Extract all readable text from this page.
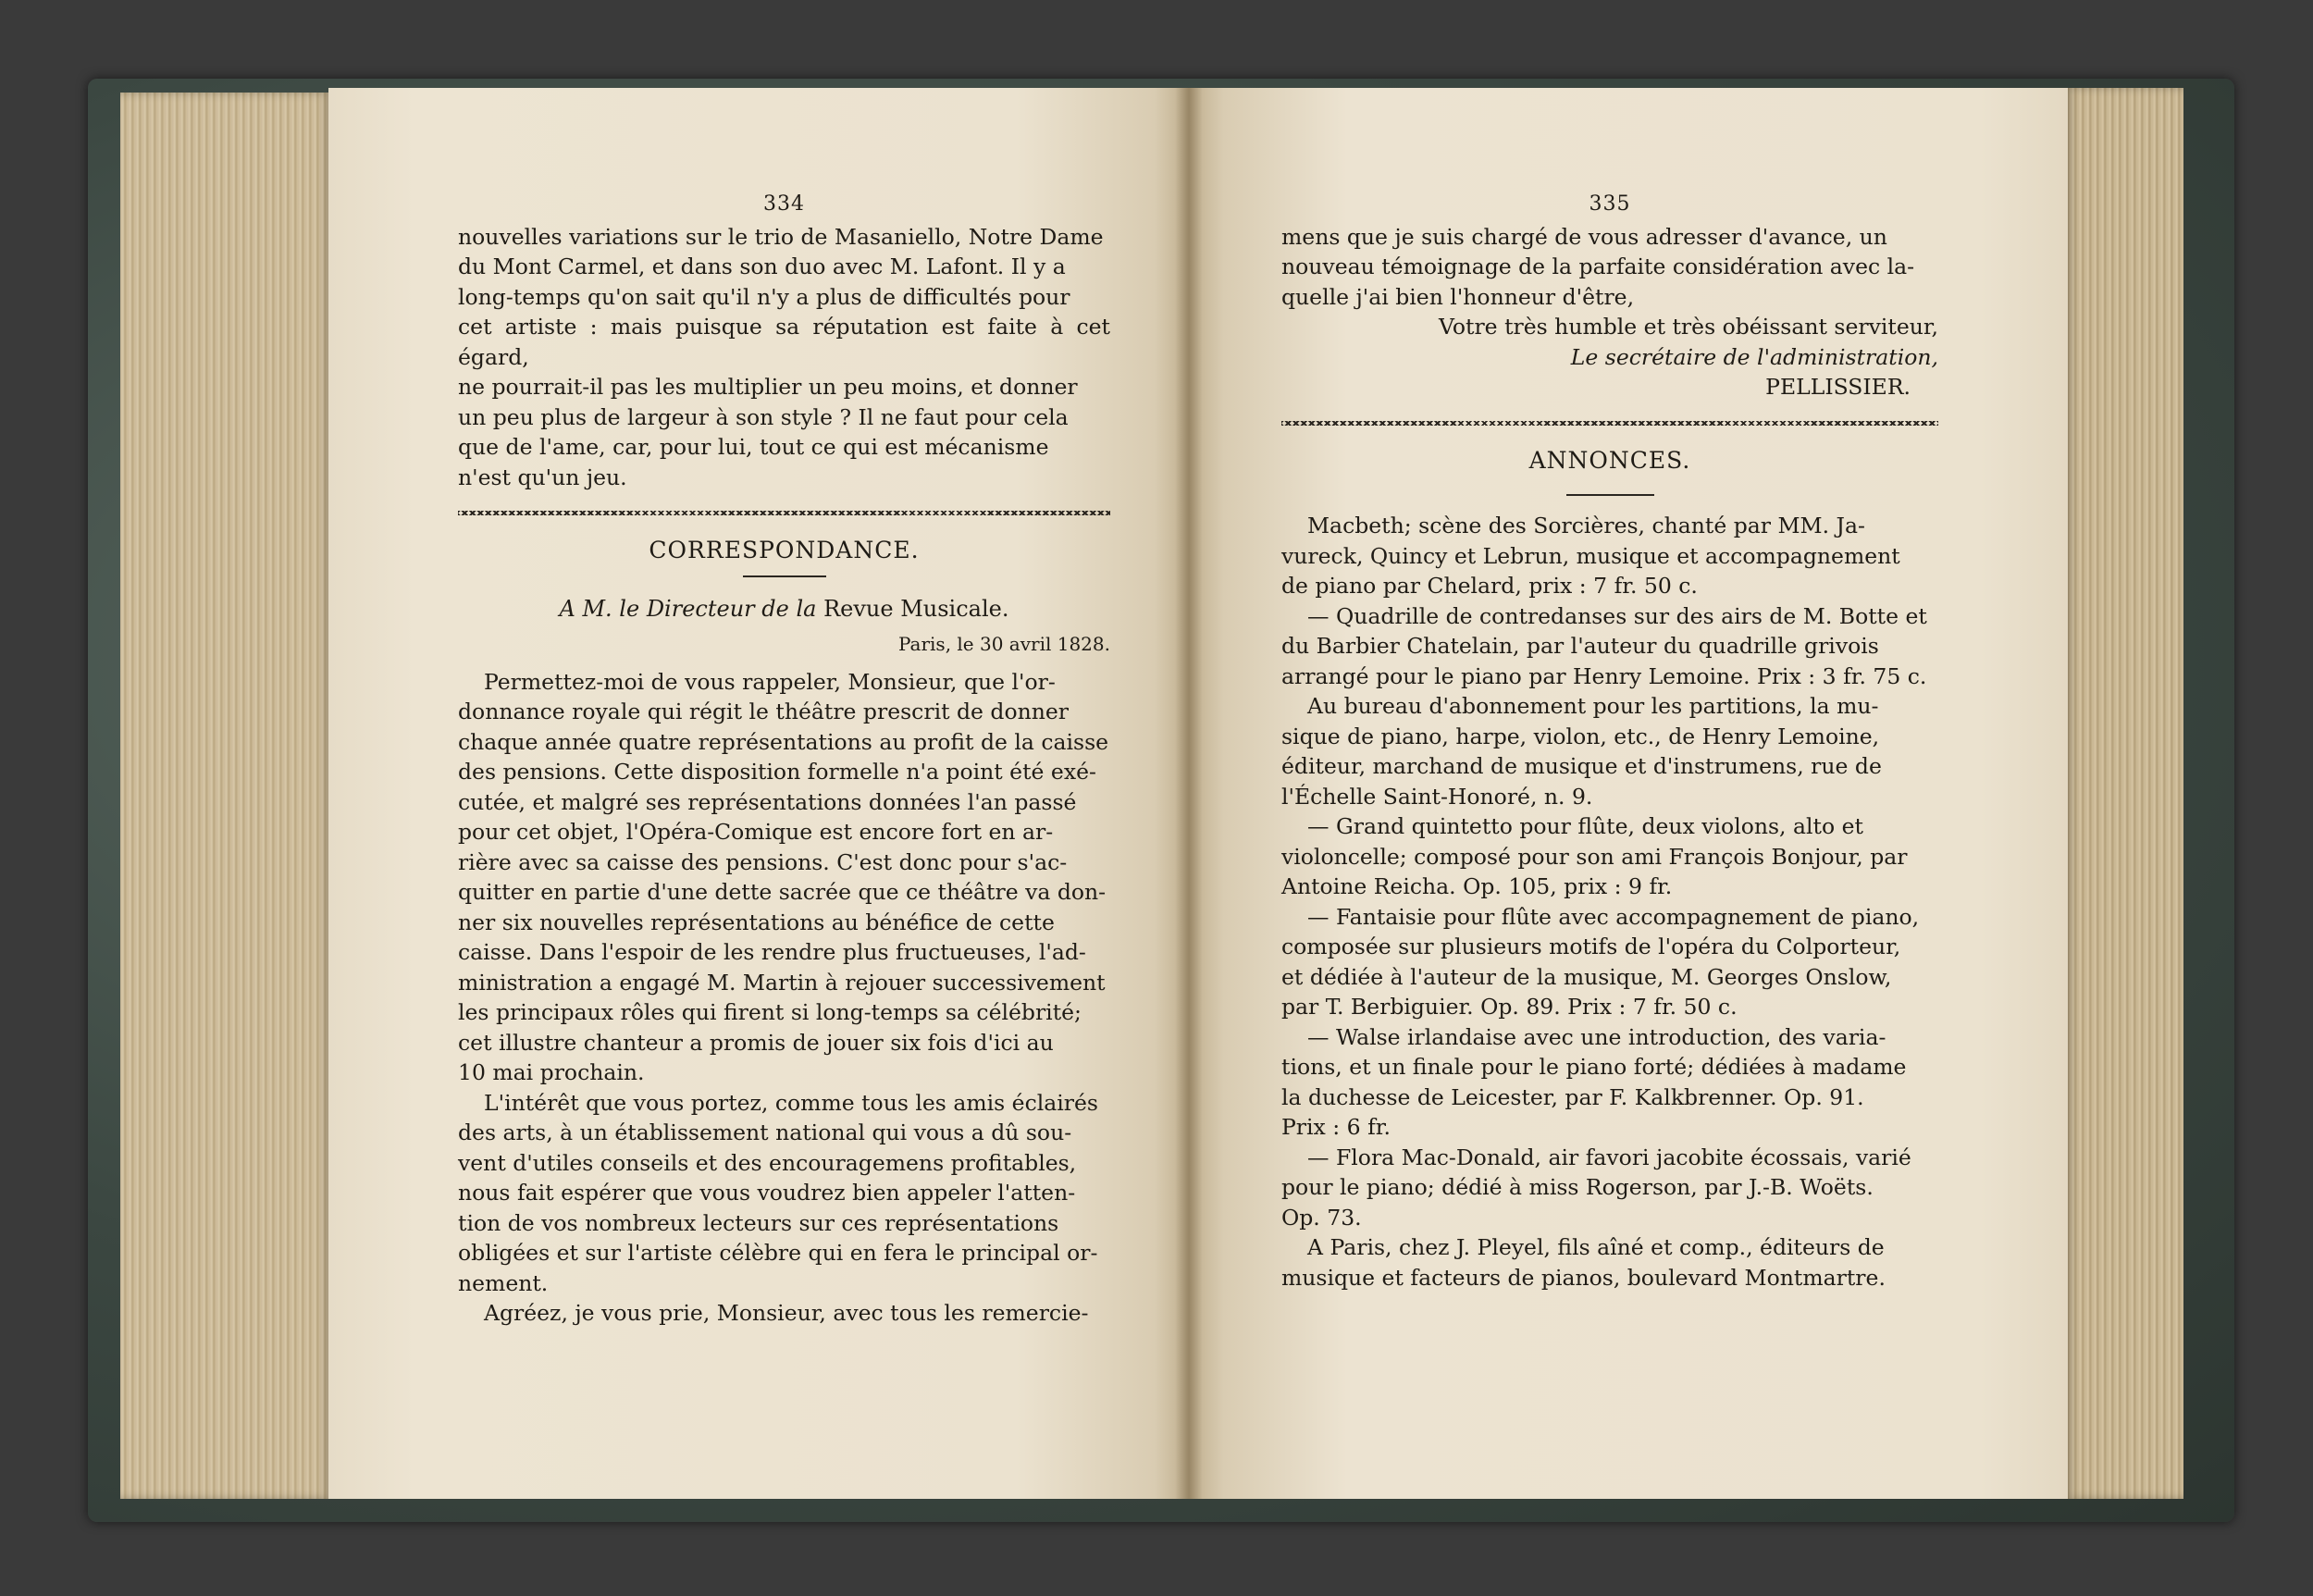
334

nouvelles variations sur le trio de Masaniello, Notre Dame

du Mont Carmel, et dans son duo avec M. Lafont. Il y a

long-temps qu'on sait qu'il n'y a plus de difficultés pour

cet artiste : mais puisque sa réputation est faite à cet égard,

ne pourrait-il pas les multiplier un peu moins, et donner

un peu plus de largeur à son style ? Il ne faut pour cela

que de l'ame, car, pour lui, tout ce qui est mécanisme

n'est qu'un jeu.

CORRESPONDANCE.
A M. le Directeur de la Revue Musicale.
Paris, le 30 avril 1828.

Permettez-moi de vous rappeler, Monsieur, que l'or-

donnance royale qui régit le théâtre prescrit de donner

chaque année quatre représentations au profit de la caisse

des pensions. Cette disposition formelle n'a point été exé-

cutée, et malgré ses représentations données l'an passé

pour cet objet, l'Opéra-Comique est encore fort en ar-

rière avec sa caisse des pensions. C'est donc pour s'ac-

quitter en partie d'une dette sacrée que ce théâtre va don-

ner six nouvelles représentations au bénéfice de cette

caisse. Dans l'espoir de les rendre plus fructueuses, l'ad-

ministration a engagé M. Martin à rejouer successivement

les principaux rôles qui firent si long-temps sa célébrité;

cet illustre chanteur a promis de jouer six fois d'ici au

10 mai prochain.

L'intérêt que vous portez, comme tous les amis éclairés

des arts, à un établissement national qui vous a dû sou-

vent d'utiles conseils et des encouragemens profitables,

nous fait espérer que vous voudrez bien appeler l'atten-

tion de vos nombreux lecteurs sur ces représentations

obligées et sur l'artiste célèbre qui en fera le principal or-

nement.

Agréez, je vous prie, Monsieur, avec tous les remercie-

335

mens que je suis chargé de vous adresser d'avance, un

nouveau témoignage de la parfaite considération avec la-

quelle j'ai bien l'honneur d'être,

Votre très humble et très obéissant serviteur,

Le secrétaire de l'administration,

PELLISSIER.

ANNONCES.

Macbeth; scène des Sorcières, chanté par MM. Ja-

vureck, Quincy et Lebrun, musique et accompagnement

de piano par Chelard, prix : 7 fr. 50 c.

— Quadrille de contredanses sur des airs de M. Botte et

du Barbier Chatelain, par l'auteur du quadrille grivois

arrangé pour le piano par Henry Lemoine. Prix : 3 fr. 75 c.

Au bureau d'abonnement pour les partitions, la mu-

sique de piano, harpe, violon, etc., de Henry Lemoine,

éditeur, marchand de musique et d'instrumens, rue de

l'Échelle Saint-Honoré, n. 9.

— Grand quintetto pour flûte, deux violons, alto et

violoncelle; composé pour son ami François Bonjour, par

Antoine Reicha. Op. 105, prix : 9 fr.

— Fantaisie pour flûte avec accompagnement de piano,

composée sur plusieurs motifs de l'opéra du Colporteur,

et dédiée à l'auteur de la musique, M. Georges Onslow,

par T. Berbiguier. Op. 89. Prix : 7 fr. 50 c.

— Walse irlandaise avec une introduction, des varia-

tions, et un finale pour le piano forté; dédiées à madame

la duchesse de Leicester, par F. Kalkbrenner. Op. 91.

Prix : 6 fr.

— Flora Mac-Donald, air favori jacobite écossais, varié

pour le piano; dédié à miss Rogerson, par J.-B. Woëts.

Op. 73.

A Paris, chez J. Pleyel, fils aîné et comp., éditeurs de

musique et facteurs de pianos, boulevard Montmartre.
